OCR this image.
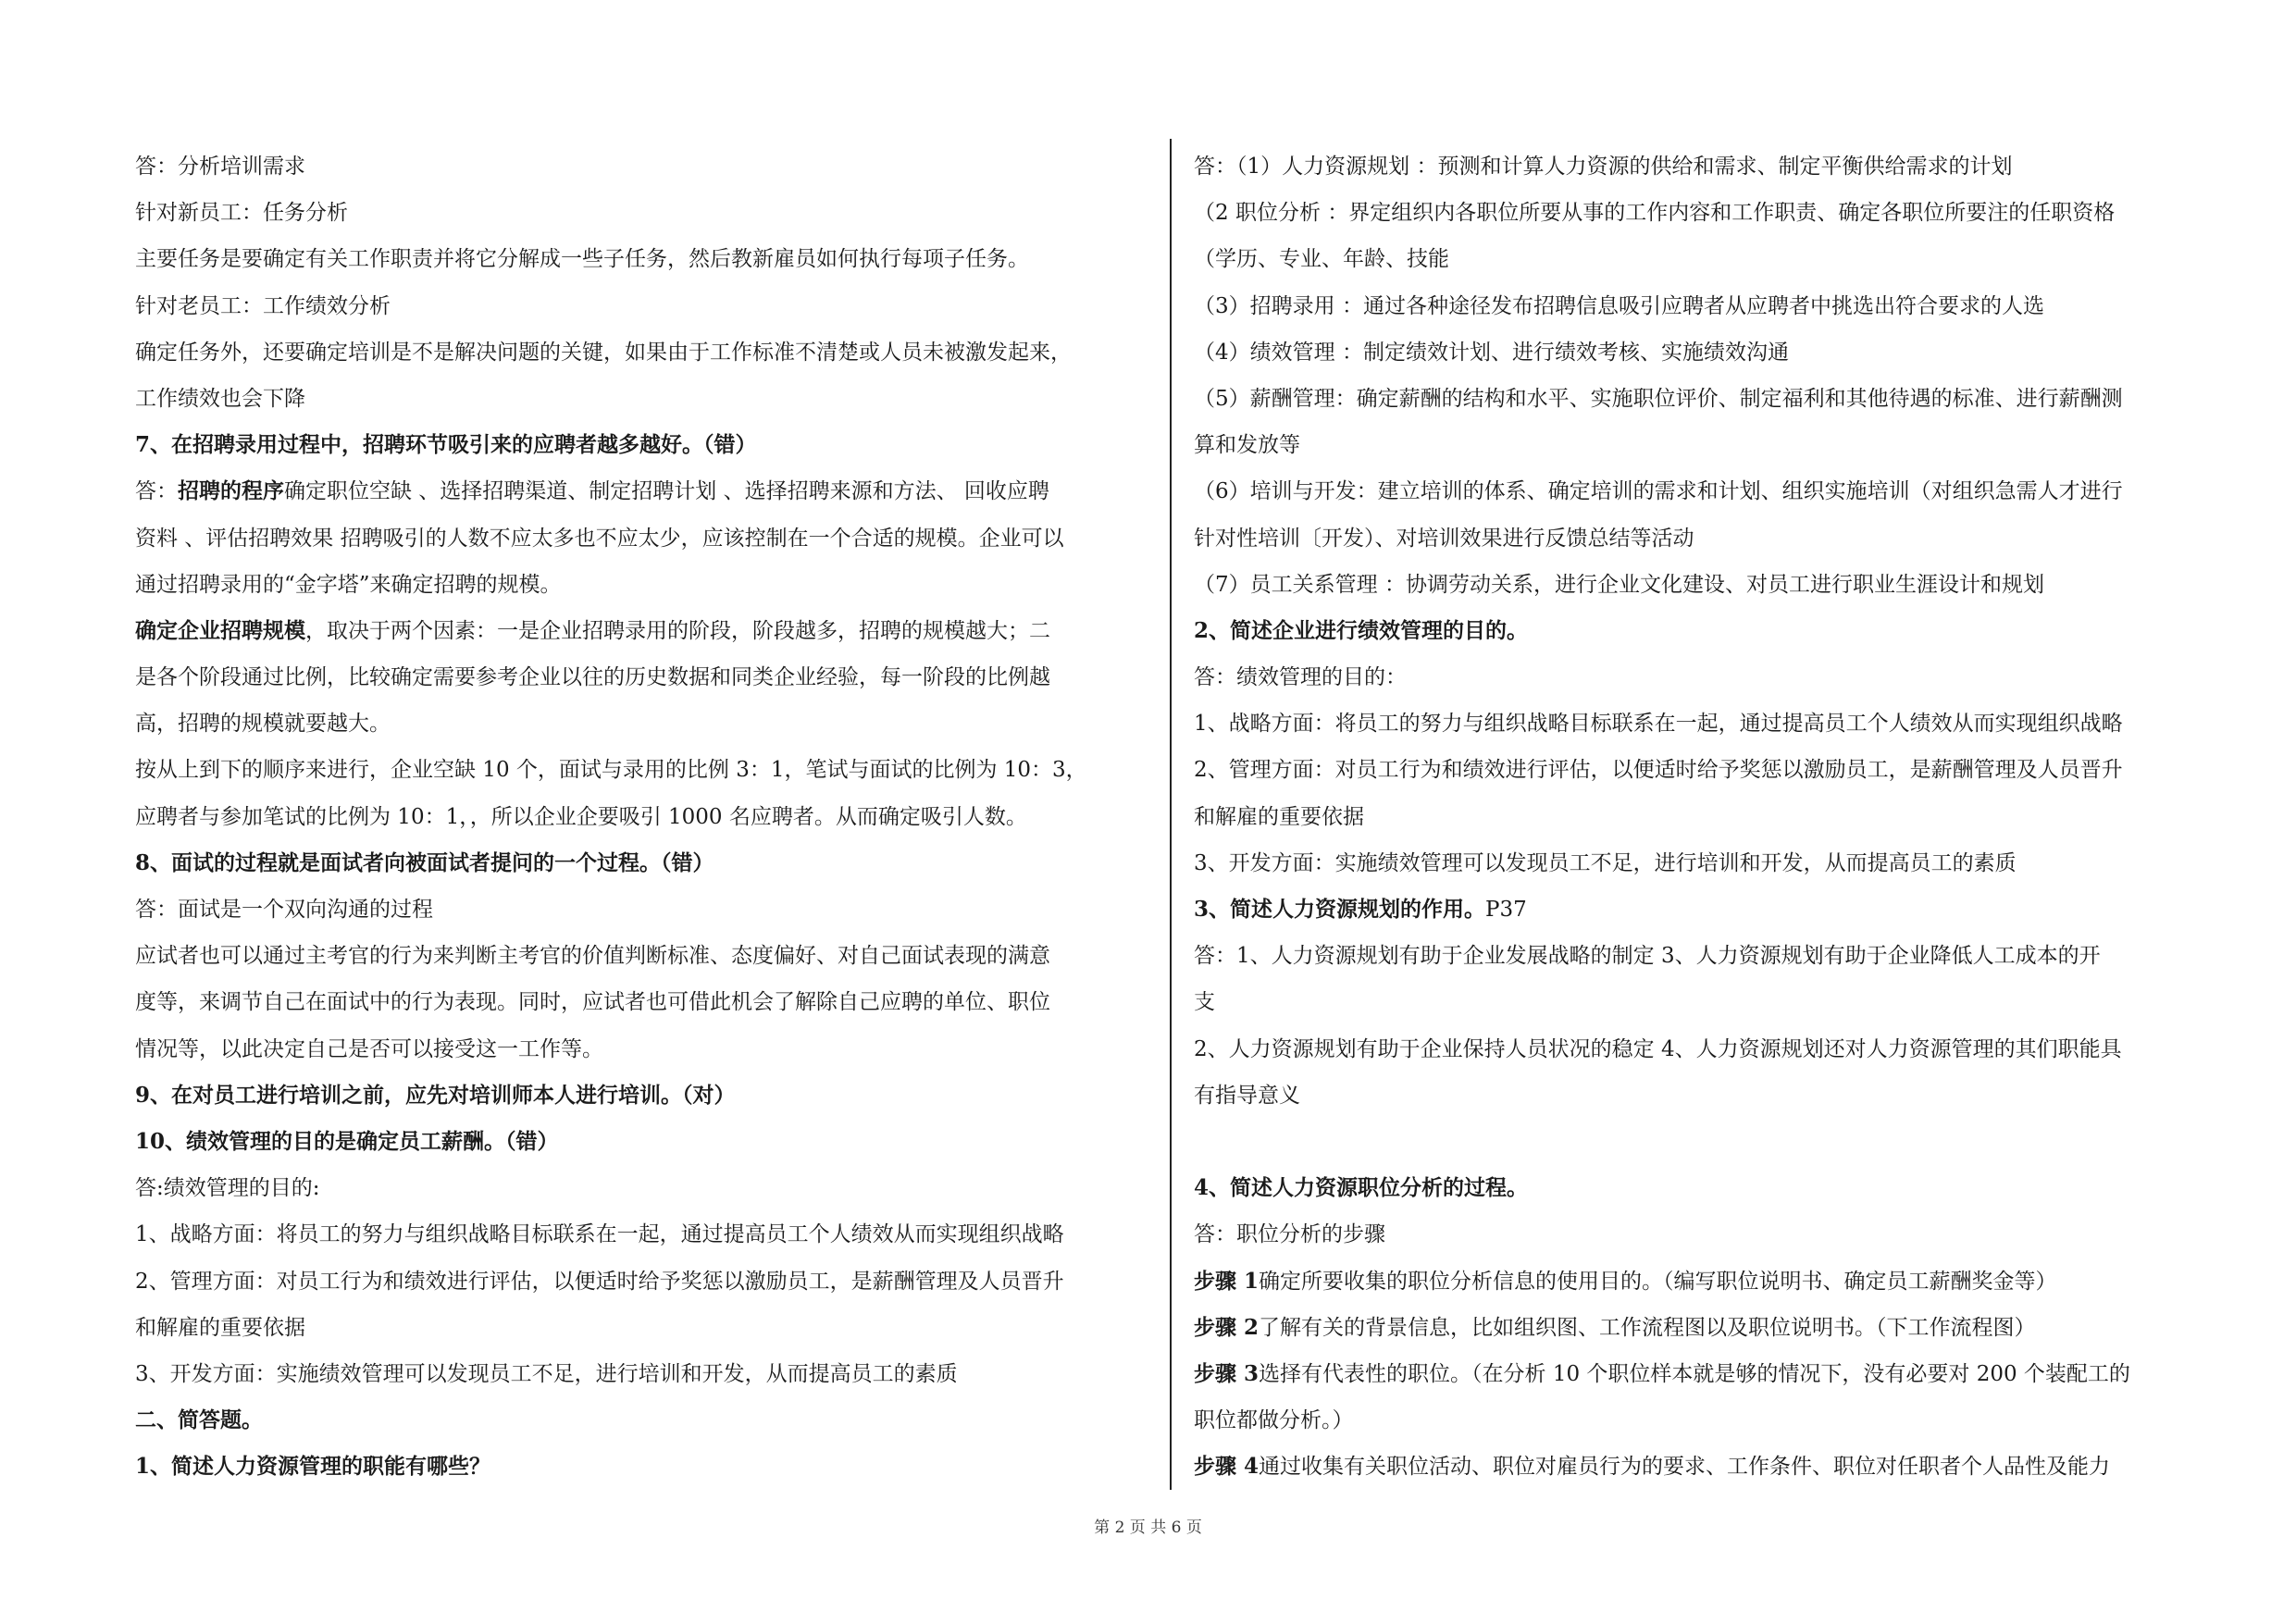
答：分析培训需求
针对新员工：任务分析
主要任务是要确定有关工作职责并将它分解成一些子任务，然后教新雇员如何执行每项子任务。
针对老员工：工作绩效分析
确定任务外，还要确定培训是不是解决问题的关键，如果由于工作标准不清楚或人员未被激发起来，
工作绩效也会下降
7、在招聘录用过程中，招聘环节吸引来的应聘者越多越好。（错）
答：招聘的程序确定职位空缺 、选择招聘渠道、制定招聘计划 、选择招聘来源和方法、 回收应聘
资料 、评估招聘效果 招聘吸引的人数不应太多也不应太少，应该控制在一个合适的规模。企业可以
通过招聘录用的“金字塔”来确定招聘的规模。
确定企业招聘规模，取决于两个因素：一是企业招聘录用的阶段，阶段越多，招聘的规模越大；二
是各个阶段通过比例，比较确定需要参考企业以往的历史数据和同类企业经验，每一阶段的比例越
高，招聘的规模就要越大。
按从上到下的顺序来进行，企业空缺 10 个，面试与录用的比例 3：1，笔试与面试的比例为 10：3，
应聘者与参加笔试的比例为 10：1，，所以企业企要吸引 1000 名应聘者。从而确定吸引人数。
8、面试的过程就是面试者向被面试者提问的一个过程。（错）
答：面试是一个双向沟通的过程
应试者也可以通过主考官的行为来判断主考官的价值判断标准、态度偏好、对自己面试表现的满意
度等，来调节自己在面试中的行为表现。同时，应试者也可借此机会了解除自己应聘的单位、职位
情况等，以此决定自己是否可以接受这一工作等。
9、在对员工进行培训之前，应先对培训师本人进行培训。（对）
10、绩效管理的目的是确定员工薪酬。（错）
答:绩效管理的目的:
1、战略方面：将员工的努力与组织战略目标联系在一起，通过提高员工个人绩效从而实现组织战略
2、管理方面：对员工行为和绩效进行评估，以便适时给予奖惩以激励员工，是薪酬管理及人员晋升
和解雇的重要依据
3、开发方面：实施绩效管理可以发现员工不足，进行培训和开发，从而提高员工的素质
二、简答题。
1、简述人力资源管理的职能有哪些？
答：（1）人力资源规划 ：预测和计算人力资源的供给和需求、制定平衡供给需求的计划
（2 职位分析 ：界定组织内各职位所要从事的工作内容和工作职责、确定各职位所要注的任职资格
（学历、专业、年龄、技能
（3）招聘录用 ：通过各种途径发布招聘信息吸引应聘者从应聘者中挑选出符合要求的人选
（4）绩效管理 ：制定绩效计划、进行绩效考核、实施绩效沟通
（5）薪酬管理：确定薪酬的结构和水平、实施职位评价、制定福利和其他待遇的标准、进行薪酬测
算和发放等
（6）培训与开发：建立培训的体系、确定培训的需求和计划、组织实施培训（对组织急需人才进行
针对性培训〔开发）、对培训效果进行反馈总结等活动
（7）员工关系管理 ：协调劳动关系，进行企业文化建设、对员工进行职业生涯设计和规划
2、简述企业进行绩效管理的目的。
答：绩效管理的目的：
1、战略方面：将员工的努力与组织战略目标联系在一起，通过提高员工个人绩效从而实现组织战略
2、管理方面：对员工行为和绩效进行评估，以便适时给予奖惩以激励员工，是薪酬管理及人员晋升
和解雇的重要依据
3、开发方面：实施绩效管理可以发现员工不足，进行培训和开发，从而提高员工的素质
3、简述人力资源规划的作用。P37
答：1、人力资源规划有助于企业发展战略的制定 3、人力资源规划有助于企业降低人工成本的开
支
2、人力资源规划有助于企业保持人员状况的稳定 4、人力资源规划还对人力资源管理的其们职能具
有指导意义
4、简述人力资源职位分析的过程。
答：职位分析的步骤
步骤 1确定所要收集的职位分析信息的使用目的。（编写职位说明书、确定员工薪酬奖金等）
步骤 2了解有关的背景信息，比如组织图、工作流程图以及职位说明书。（下工作流程图）
步骤 3选择有代表性的职位。（在分析 10 个职位样本就是够的情况下，没有必要对 200 个装配工的
职位都做分析。）
步骤 4通过收集有关职位活动、职位对雇员行为的要求、工作条件、职位对任职者个人品性及能力
第 2 页 共 6 页
